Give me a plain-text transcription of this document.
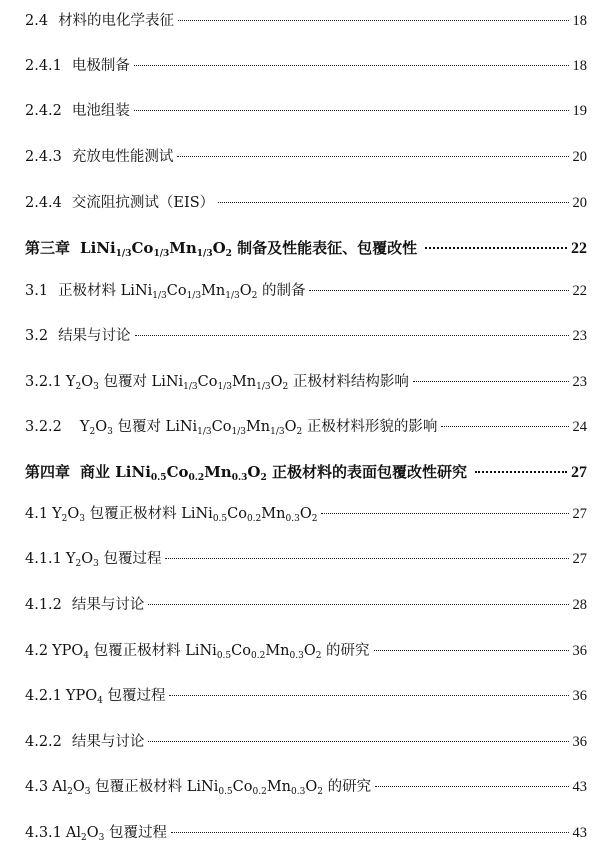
2.4 材料的电化学表征	18
2.4.1 电极制备	18
2.4.2 电池组装	19
2.4.3 充放电性能测试	20
2.4.4 交流阻抗测试（EIS）	20
第三章 $LiNi_{1/3}Co_{1/3}Mn_{1/3}O_2$ 制备及性能表征、包覆改性	22
3.1 正极材料 $LiNi_{1/3}Co_{1/3}Mn_{1/3}O_2$ 的制备	22
3.2 结果与讨论	23
3.2.1 $Y_2O_3$ 包覆对 $LiNi_{1/3}Co_{1/3}Mn_{1/3}O_2$ 正极材料结构影响	23
3.2.2 $Y_2O_3$ 包覆对 $LiNi_{1/3}Co_{1/3}Mn_{1/3}O_2$ 正极材料形貌的影响	24
第四章 商业 $LiNi_{0.5}Co_{0.2}Mn_{0.3}O_2$ 正极材料的表面包覆改性研究	27
4.1 $Y_2O_3$ 包覆正极材料 $LiNi_{0.5}Co_{0.2}Mn_{0.3}O_2$	27
4.1.1 $Y_2O_3$ 包覆过程	27
4.1.2 结果与讨论	28
4.2 $YPO_4$ 包覆正极材料 $LiNi_{0.5}Co_{0.2}Mn_{0.3}O_2$ 的研究	36
4.2.1 $YPO_4$ 包覆过程	36
4.2.2 结果与讨论	36
4.3 $Al_2O_3$ 包覆正极材料 $LiNi_{0.5}Co_{0.2}Mn_{0.3}O_2$ 的研究	43
4.3.1 $Al_2O_3$ 包覆过程	43
